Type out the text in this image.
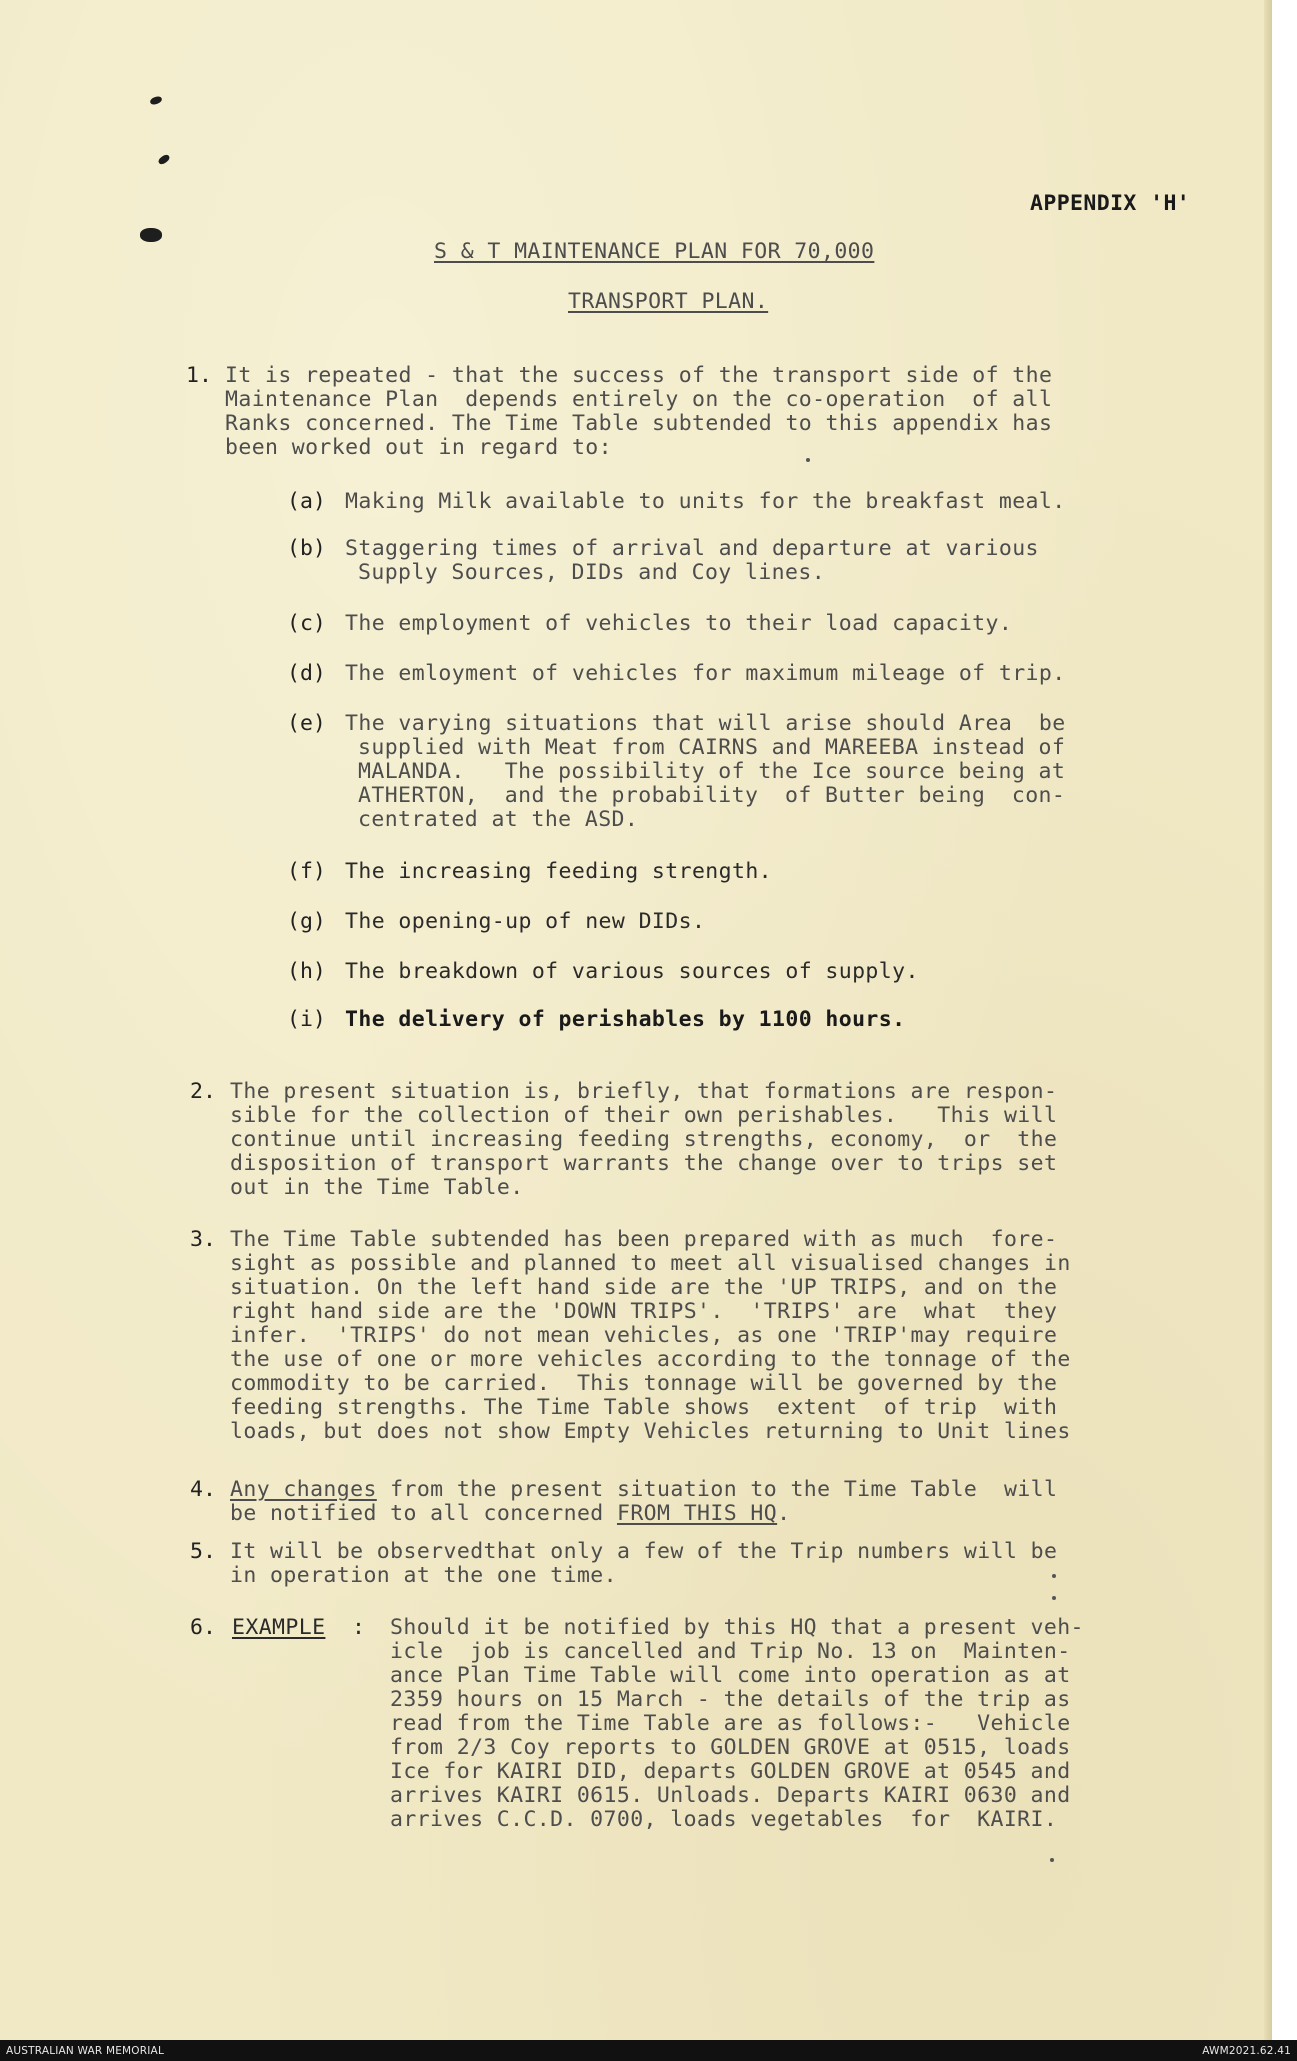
APPENDIX 'H'
S & T MAINTENANCE PLAN FOR 70,000
TRANSPORT PLAN.
1. It is repeated - that the success of the transport side of the
Maintenance Plan  depends entirely on the co-operation  of all
Ranks concerned. The Time Table subtended to this appendix has
been worked out in regard to:
(a) Making Milk available to units for the breakfast meal.
(b) Staggering times of arrival and departure at various
Supply Sources, DIDs and Coy lines.
(c) The employment of vehicles to their load capacity.
(d) The emloyment of vehicles for maximum mileage of trip.
(e) The varying situations that will arise should Area  be
supplied with Meat from CAIRNS and MAREEBA instead of
MALANDA.   The possibility of the Ice source being at
ATHERTON,  and the probability  of Butter being  con-
centrated at the ASD.
(f) The increasing feeding strength.
(g) The opening-up of new DIDs.
(h) The breakdown of various sources of supply.
(i) The delivery of perishables by 1100 hours.
2. The present situation is, briefly, that formations are respon-
sible for the collection of their own perishables.   This will
continue until increasing feeding strengths, economy,  or  the
disposition of transport warrants the change over to trips set
out in the Time Table.
3. The Time Table subtended has been prepared with as much  fore-
sight as possible and planned to meet all visualised changes in
situation. On the left hand side are the 'UP TRIPS, and on the
right hand side are the 'DOWN TRIPS'.  'TRIPS' are  what  they
infer.  'TRIPS' do not mean vehicles, as one 'TRIP'may require
the use of one or more vehicles according to the tonnage of the
commodity to be carried.  This tonnage will be governed by the
feeding strengths. The Time Table shows  extent  of trip  with
loads, but does not show Empty Vehicles returning to Unit lines
4. Any changes from the present situation to the Time Table  will
be notified to all concerned FROM THIS HQ.
5. It will be observedthat only a few of the Trip numbers will be
in operation at the one time.
6. EXAMPLE : Should it be notified by this HQ that a present veh-
icle  job is cancelled and Trip No. 13 on  Mainten-
ance Plan Time Table will come into operation as at
2359 hours on 15 March - the details of the trip as
read from the Time Table are as follows:-   Vehicle
from 2/3 Coy reports to GOLDEN GROVE at 0515, loads
Ice for KAIRI DID, departs GOLDEN GROVE at 0545 and
arrives KAIRI 0615. Unloads. Departs KAIRI 0630 and
arrives C.C.D. 0700, loads vegetables  for  KAIRI.
AUSTRALIAN WAR MEMORIAL	AWM2021.62.41
